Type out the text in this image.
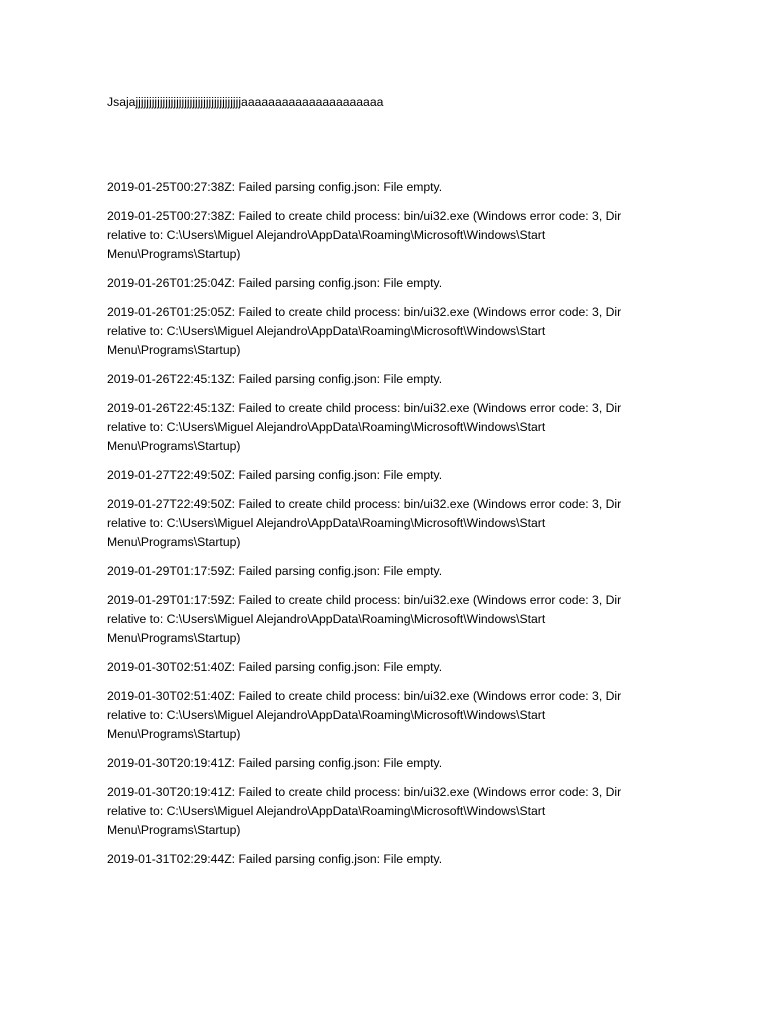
Jsajajjjjjjjjjjjjjjjjjjjjjjjjjjjjjjjjjjjjjjjaaaaaaaaaaaaaaaaaaaaa

2019-01-25T00:27:38Z: Failed parsing config.json: File empty.

2019-01-25T00:27:38Z: Failed to create child process: bin/ui32.exe (Windows error code: 3, Dir relative to: C:\Users\Miguel Alejandro\AppData\Roaming\Microsoft\Windows\Start Menu\Programs\Startup)

2019-01-26T01:25:04Z: Failed parsing config.json: File empty.

2019-01-26T01:25:05Z: Failed to create child process: bin/ui32.exe (Windows error code: 3, Dir relative to: C:\Users\Miguel Alejandro\AppData\Roaming\Microsoft\Windows\Start Menu\Programs\Startup)

2019-01-26T22:45:13Z: Failed parsing config.json: File empty.

2019-01-26T22:45:13Z: Failed to create child process: bin/ui32.exe (Windows error code: 3, Dir relative to: C:\Users\Miguel Alejandro\AppData\Roaming\Microsoft\Windows\Start Menu\Programs\Startup)

2019-01-27T22:49:50Z: Failed parsing config.json: File empty.

2019-01-27T22:49:50Z: Failed to create child process: bin/ui32.exe (Windows error code: 3, Dir relative to: C:\Users\Miguel Alejandro\AppData\Roaming\Microsoft\Windows\Start Menu\Programs\Startup)

2019-01-29T01:17:59Z: Failed parsing config.json: File empty.

2019-01-29T01:17:59Z: Failed to create child process: bin/ui32.exe (Windows error code: 3, Dir relative to: C:\Users\Miguel Alejandro\AppData\Roaming\Microsoft\Windows\Start Menu\Programs\Startup)

2019-01-30T02:51:40Z: Failed parsing config.json: File empty.

2019-01-30T02:51:40Z: Failed to create child process: bin/ui32.exe (Windows error code: 3, Dir relative to: C:\Users\Miguel Alejandro\AppData\Roaming\Microsoft\Windows\Start Menu\Programs\Startup)

2019-01-30T20:19:41Z: Failed parsing config.json: File empty.

2019-01-30T20:19:41Z: Failed to create child process: bin/ui32.exe (Windows error code: 3, Dir relative to: C:\Users\Miguel Alejandro\AppData\Roaming\Microsoft\Windows\Start Menu\Programs\Startup)

2019-01-31T02:29:44Z: Failed parsing config.json: File empty.
